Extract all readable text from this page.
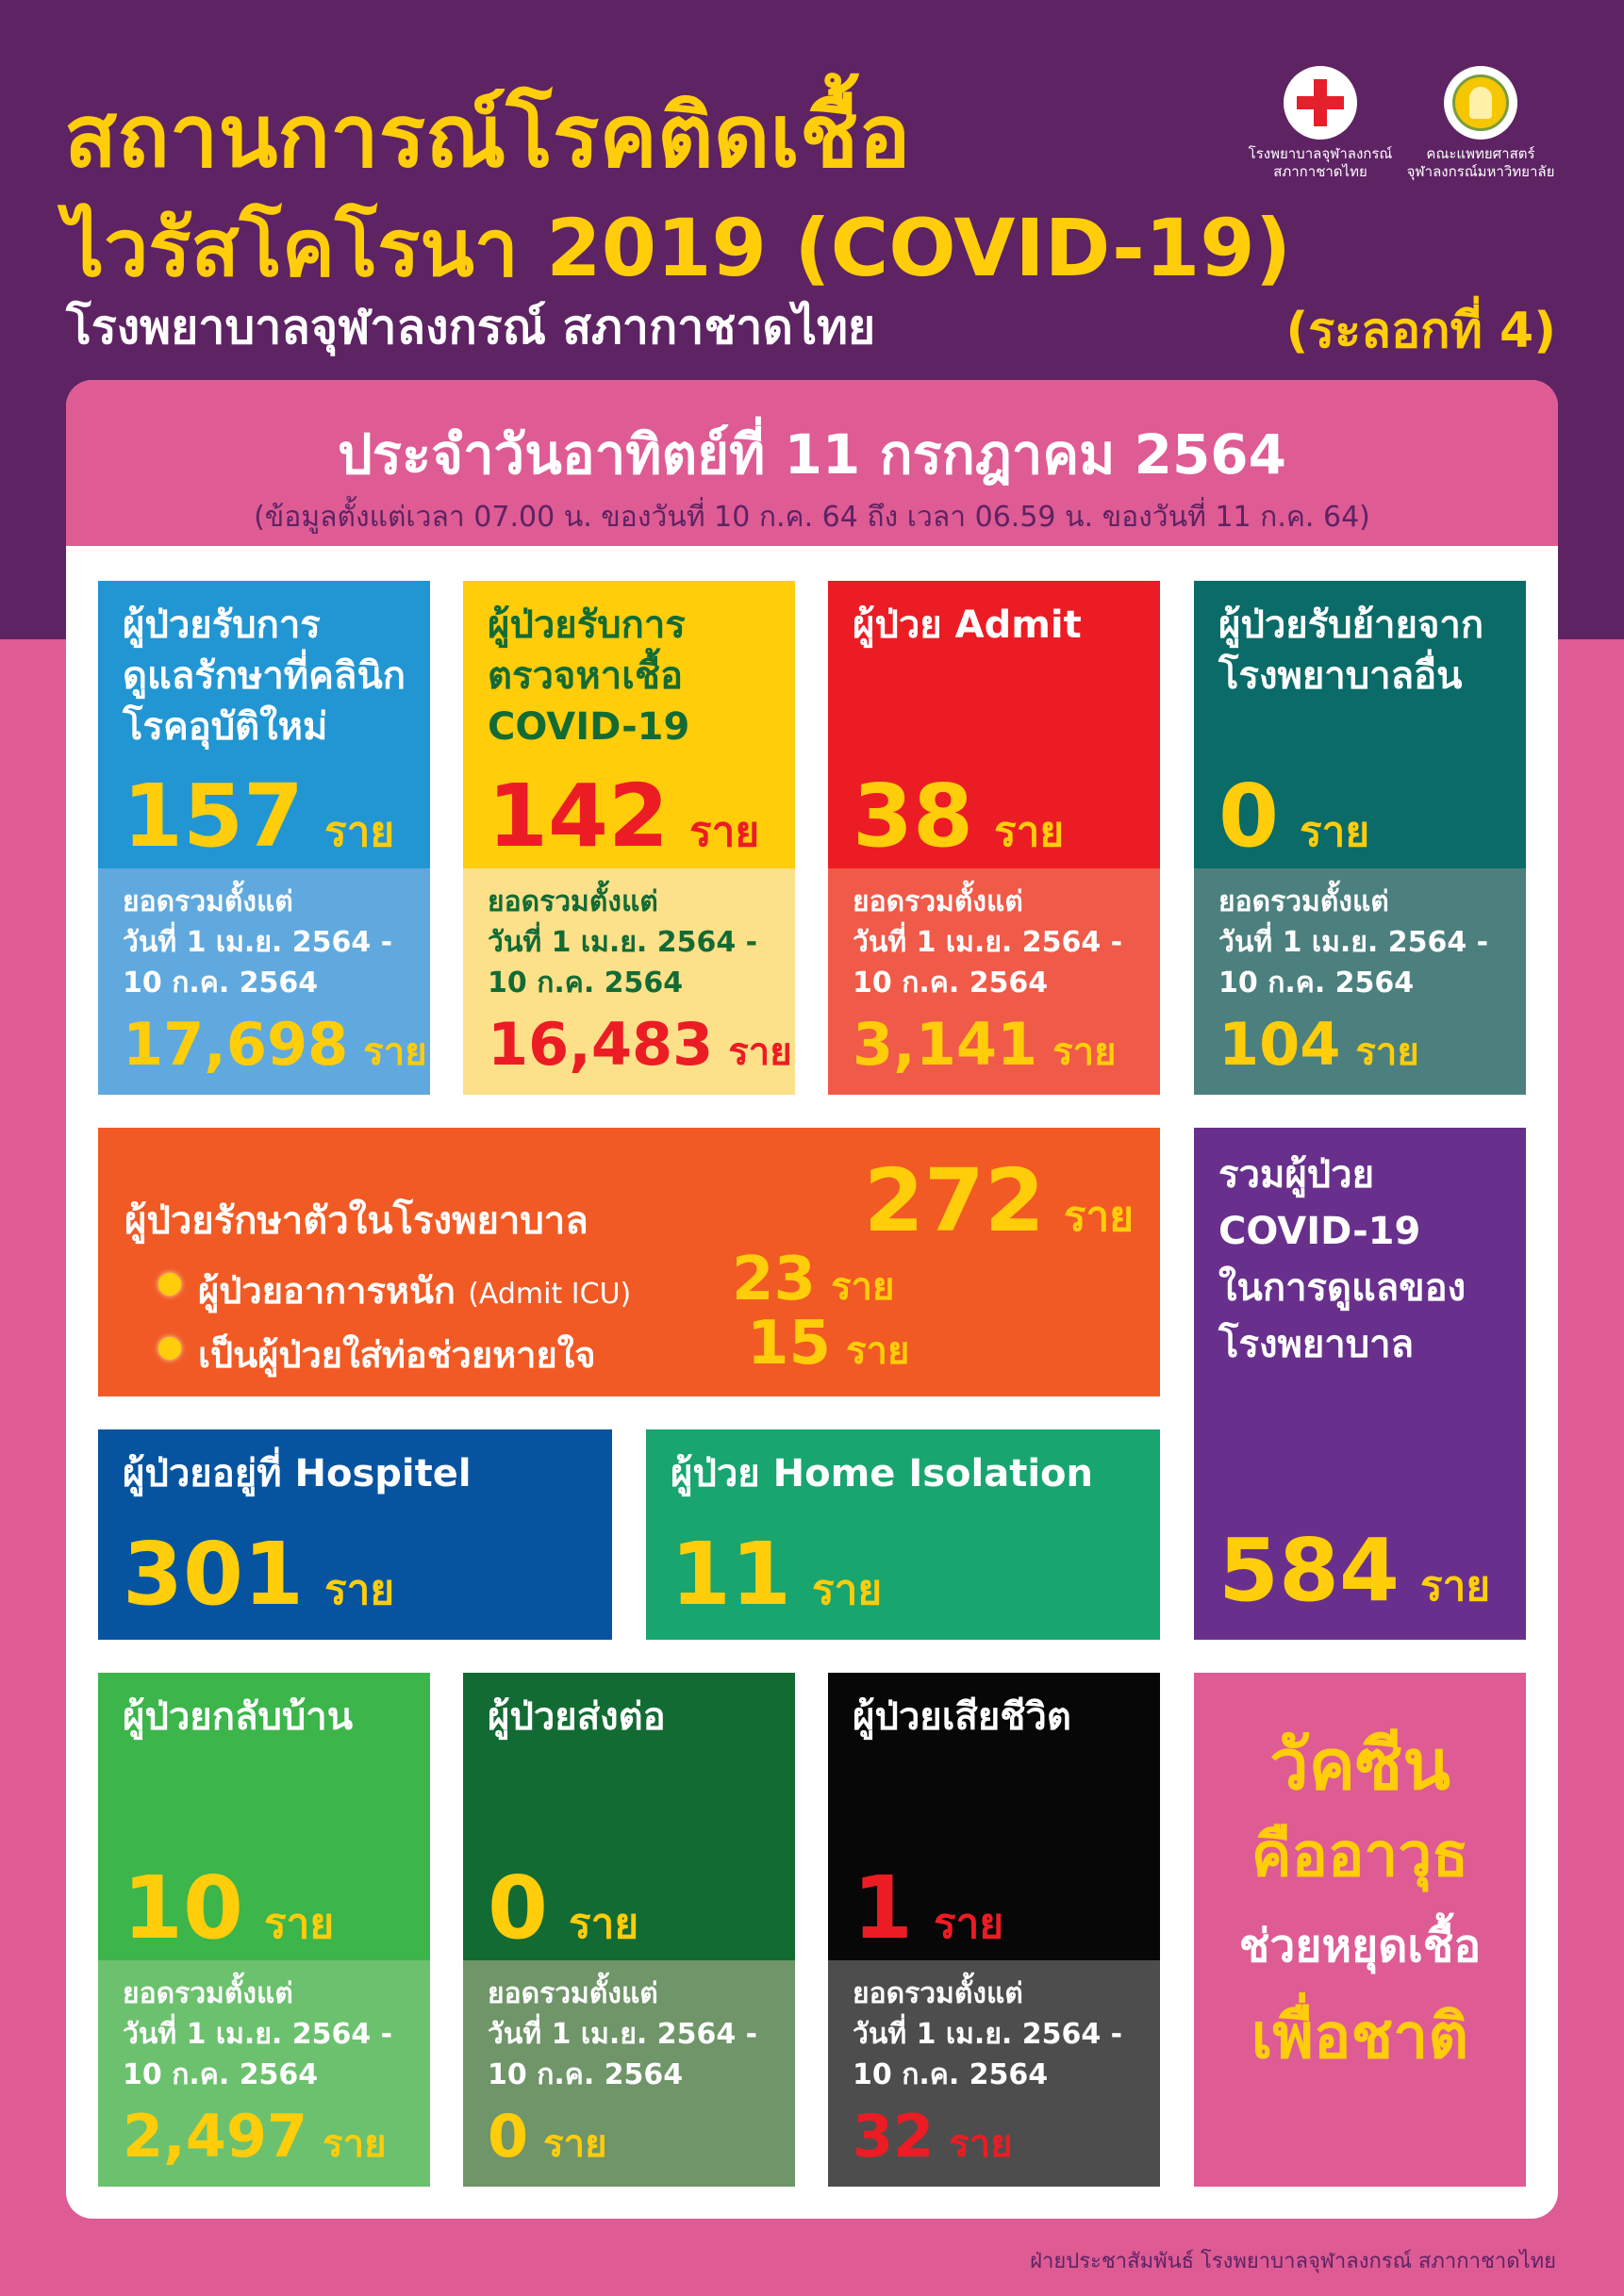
สถานการณ์โรคติดเชื้อ
ไวรัสโคโรนา 2019 (COVID-19)
โรงพยาบาลจุฬาลงกรณ์ สภากาชาดไทย	(ระลอกที่ 4)
โรงพยาบาลจุฬาลงกรณ์
สภากาชาดไทย
คณะแพทยศาสตร์
จุฬาลงกรณ์มหาวิทยาลัย
ประจำวันอาทิตย์ที่ 11 กรกฎาคม 2564
(ข้อมูลตั้งแต่เวลา 07.00 น. ของวันที่ 10 ก.ค. 64 ถึง เวลา 06.59 น. ของวันที่ 11 ก.ค. 64)
ผู้ป่วยรับการ
ดูแลรักษาที่คลินิก
โรคอุบัติใหม่
157 ราย
ยอดรวมตั้งแต่
วันที่ 1 เม.ย. 2564 -
10 ก.ค. 2564
17,698 ราย
ผู้ป่วยรับการ
ตรวจหาเชื้อ
COVID-19
142 ราย
ยอดรวมตั้งแต่
วันที่ 1 เม.ย. 2564 -
10 ก.ค. 2564
16,483 ราย
ผู้ป่วย Admit
38 ราย
ยอดรวมตั้งแต่
วันที่ 1 เม.ย. 2564 -
10 ก.ค. 2564
3,141 ราย
ผู้ป่วยรับย้ายจาก
โรงพยาบาลอื่น
0 ราย
ยอดรวมตั้งแต่
วันที่ 1 เม.ย. 2564 -
10 ก.ค. 2564
104 ราย
ผู้ป่วยรักษาตัวในโรงพยาบาล	272 ราย
ผู้ป่วยอาการหนัก (Admit ICU) 23 ราย
เป็นผู้ป่วยใส่ท่อช่วยหายใจ	15 ราย
รวมผู้ป่วย
COVID-19
ในการดูแลของ
โรงพยาบาล
584 ราย
ผู้ป่วยอยู่ที่ Hospitel
301 ราย
ผู้ป่วย Home Isolation
11 ราย
ผู้ป่วยกลับบ้าน
10 ราย
ยอดรวมตั้งแต่
วันที่ 1 เม.ย. 2564 -
10 ก.ค. 2564
2,497 ราย
ผู้ป่วยส่งต่อ
0 ราย
ยอดรวมตั้งแต่
วันที่ 1 เม.ย. 2564 -
10 ก.ค. 2564
0 ราย
ผู้ป่วยเสียชีวิต
1 ราย
ยอดรวมตั้งแต่
วันที่ 1 เม.ย. 2564 -
10 ก.ค. 2564
32 ราย
วัคซีน
คืออาวุธ
ช่วยหยุดเชื้อ
เพื่อชาติ
ฝ่ายประชาสัมพันธ์ โรงพยาบาลจุฬาลงกรณ์ สภากาชาดไทย
